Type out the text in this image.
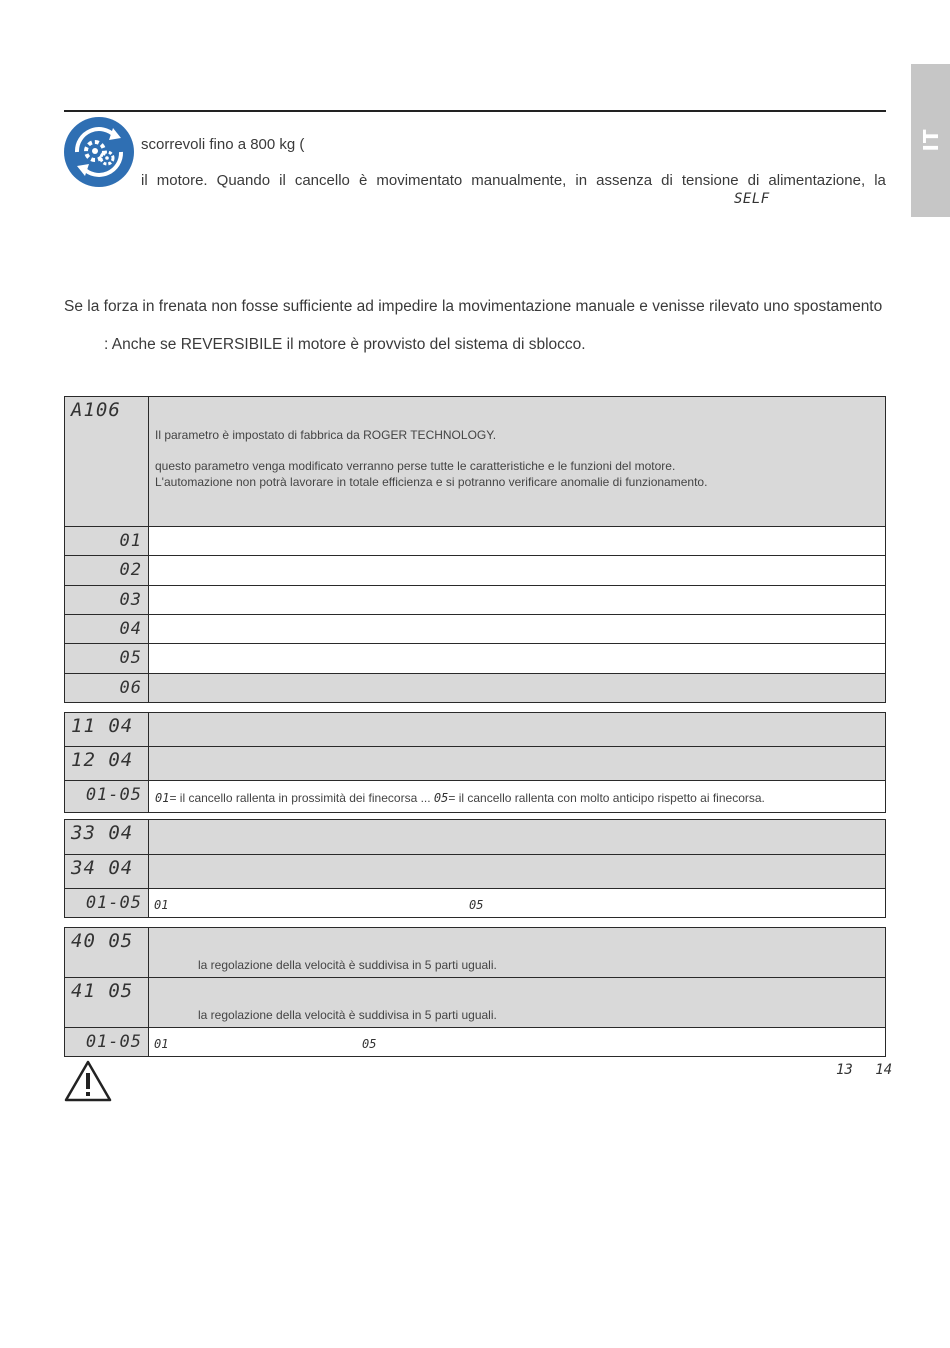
IT
scorrevoli fino a 800 kg (
il motore. Quando il cancello è movimentato manualmente, in assenza di tensione di alimentazione, la
SELF
Se la forza in frenata non fosse sufficiente ad impedire la movimentazione manuale e venisse rilevato uno spostamento
: Anche se REVERSIBILE il motore è provvisto del sistema di sblocco.
A106	Il parametro è impostato di fabbrica da ROGER TECHNOLOGY.
questo parametro venga modificato verranno perse tutte le caratteristiche e le funzioni del motore.
L'automazione non potrà lavorare in totale efficienza e si potranno verificare anomalie di funzionamento.

01	
02	
03	
04	
05	
06	
11 04	
12 04	
01-05	01= il cancello rallenta in prossimità dei finecorsa ... 05= il cancello rallenta con molto anticipo rispetto ai finecorsa.
33 04	
34 04	
01-05	01 05
40 05	la regolazione della velocità è suddivisa in 5 parti uguali.

41 05	la regolazione della velocità è suddivisa in 5 parti uguali.

01-05	01 05
13 14
